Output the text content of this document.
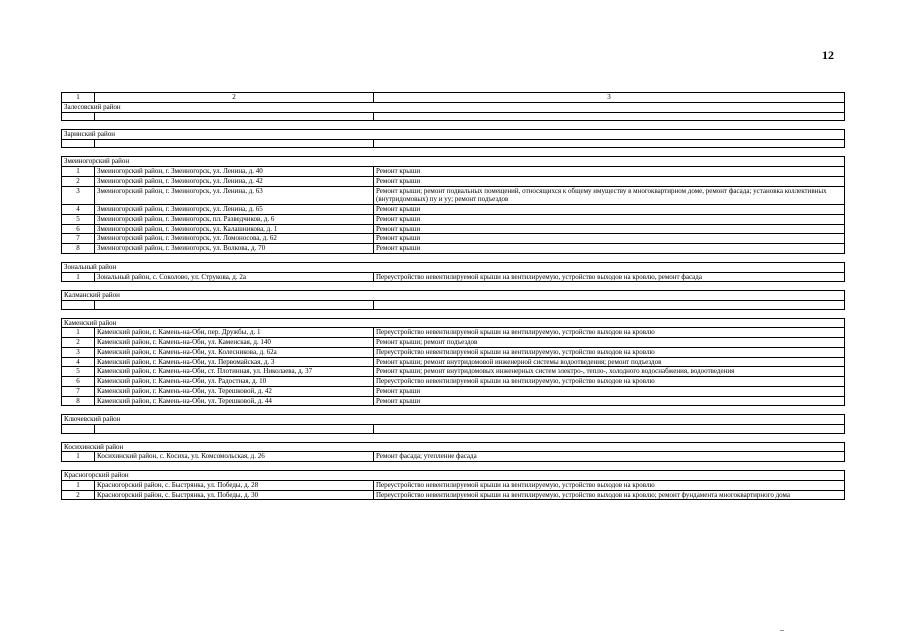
12
1	2	3
Залесовский район		

Заринский район		

Змеиногорский район		
1	Змеиногорский район, г. Змеиногорск, ул. Ленина, д. 40	Ремонт крыши
2	Змеиногорский район, г. Змеиногорск, ул. Ленина, д. 42	Ремонт крыши
3	Змеиногорский район, г. Змеиногорск, ул. Ленина, д. 63	Ремонт крыши; ремонт подвальных помещений, относящихся к общему имуществу в многоквартирном доме, ремонт фасада; установка коллективных (внутридомовых) пу и уу; ремонт подъездов
4	Змеиногорский район, г. Змеиногорск, ул. Ленина, д. 65	Ремонт крыши
5	Змеиногорский район, г. Змеиногорск, пл. Разведчиков, д. 6	Ремонт крыши
6	Змеиногорский район, г. Змеиногорск, ул. Калашникова, д. 1	Ремонт крыши
7	Змеиногорский район, г. Змеиногорск, ул. Ломоносова, д. 62	Ремонт крыши
8	Змеиногорский район, г. Змеиногорск, ул. Волкова, д. 70	Ремонт крыши

Зональный район		
1	Зональный район, с. Соколово, ул. Струкова, д. 2а	Переустройство невентилируемой крыши на вентилируемую, устройство выходов на кровлю, ремонт фасада

Калманский район		

Каменский район		
1	Каменский район, г. Камень-на-Оби, пер. Дружбы, д. 1	Переустройство невентилируемой крыши на вентилируемую, устройство выходов на кровлю
2	Каменский район, г. Камень-на-Оби, ул. Каменская, д. 140	Ремонт крыши; ремонт подъездов
3	Каменский район, г. Камень-на-Оби, ул. Колесникова, д. 62а	Переустройство невентилируемой крыши на вентилируемую, устройство выходов на кровлю
4	Каменский район, г. Камень-на-Оби, ул. Первомайская, д. 3	Ремонт крыши; ремонт внутридомовой инженерной системы водоотведения; ремонт подъездов
5	Каменский район, г. Камень-на-Оби, ст. Плотинная, ул. Николаева, д. 37	Ремонт крыши; ремонт внутридомовых инженерных систем электро-, тепло-, холодного водоснабжения, водоотведения
6	Каменский район, г. Камень-на-Оби, ул. Радостная, д. 10	Переустройство невентилируемой крыши на вентилируемую, устройство выходов на кровлю
7	Каменский район, г. Камень-на-Оби, ул. Терешковой, д. 42	Ремонт крыши
8	Каменский район, г. Камень-на-Оби, ул. Терешковой, д. 44	Ремонт крыши

Ключевский район		

Косихинский район		
1	Косихинский район, с. Косиха, ул. Комсомольская, д. 26	Ремонт фасада; утепление фасада

Красногорский район		
1	Красногорский район, с. Быстрянка, ул. Победы, д. 28	Переустройство невентилируемой крыши на вентилируемую, устройство выходов на кровлю
2	Красногорский район, с. Быстрянка, ул. Победы, д. 30	Переустройство невентилируемой крыши на вентилируемую, устройство выходов на кровлю; ремонт фундамента многоквартирного дома
